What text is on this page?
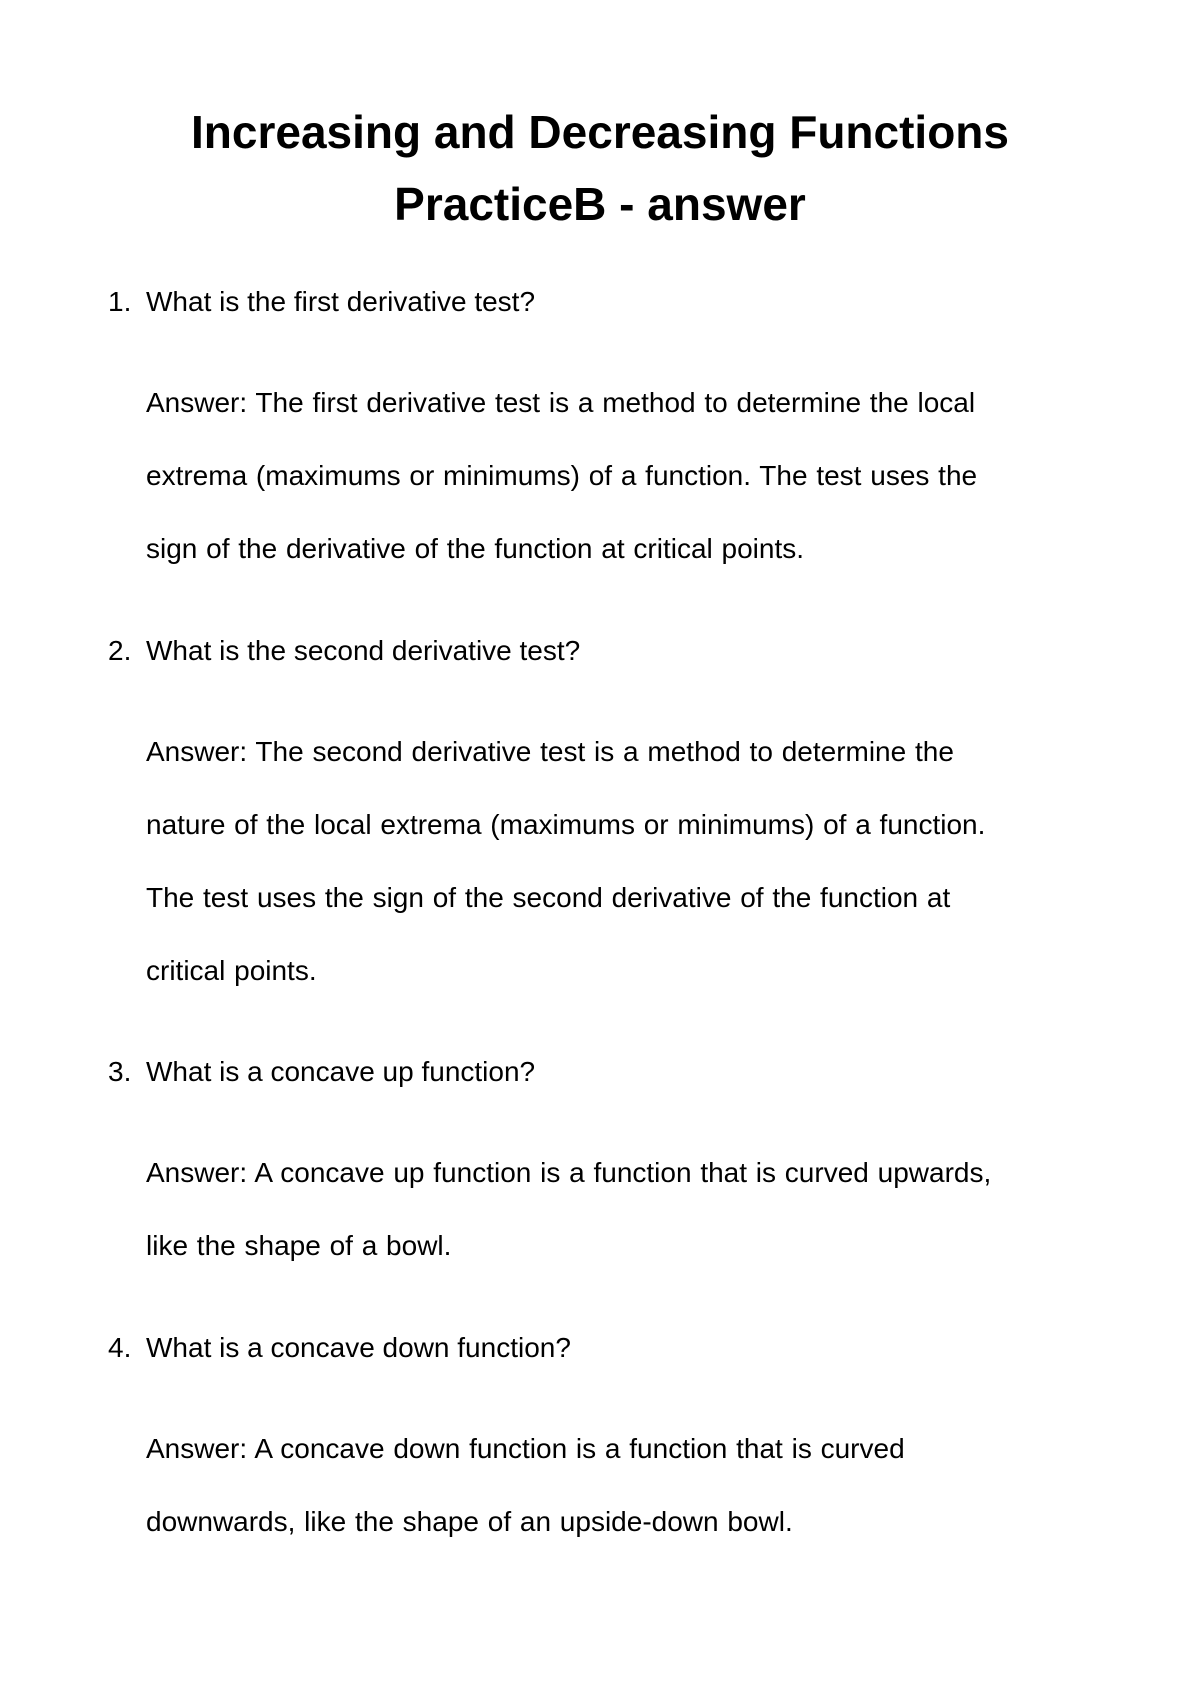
Increasing and Decreasing Functions
PracticeB - answer

1. What is the first derivative test?

Answer: The first derivative test is a method to determine the local
extrema (maximums or minimums) of a function. The test uses the
sign of the derivative of the function at critical points.

2. What is the second derivative test?

Answer: The second derivative test is a method to determine the
nature of the local extrema (maximums or minimums) of a function.
The test uses the sign of the second derivative of the function at
critical points.

3. What is a concave up function?

Answer: A concave up function is a function that is curved upwards,
like the shape of a bowl.

4. What is a concave down function?

Answer: A concave down function is a function that is curved
downwards, like the shape of an upside-down bowl.
